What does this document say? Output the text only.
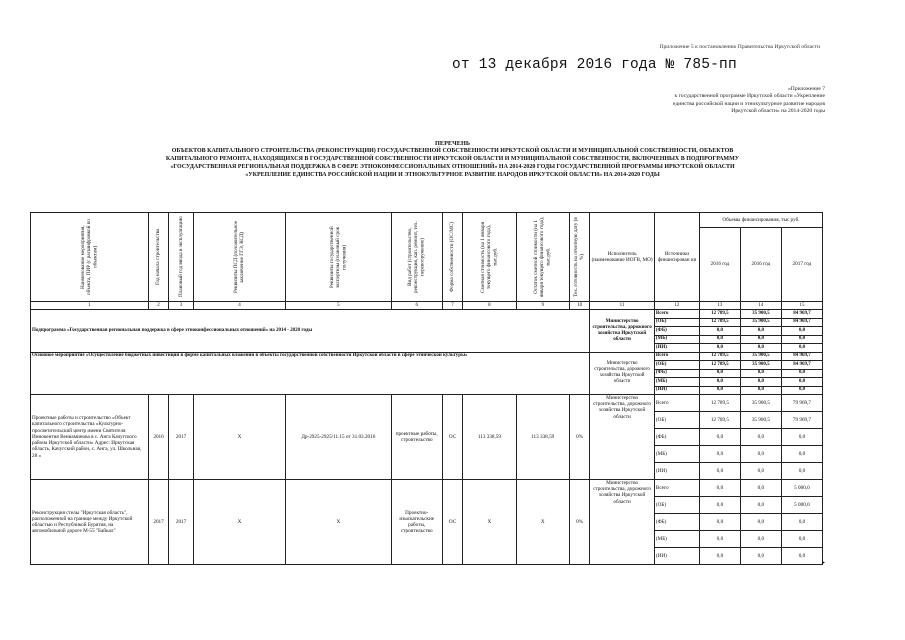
Приложение 5 к постановлению Правительства Иркутской области
от 13 декабря 2016 года № 785-пп
«Приложение 7
к государственной программе Иркутской области «Укрепление
единства российской нации и этнокультурное развитие народов
Иркутской области» на 2014-2020 годы
ПЕРЕЧЕНЬ
ОБЪЕКТОВ КАПИТАЛЬНОГО СТРОИТЕЛЬСТВА (РЕКОНСТРУКЦИИ) ГОСУДАРСТВЕННОЙ СОБСТВЕННОСТИ ИРКУТСКОЙ ОБЛАСТИ И МУНИЦИПАЛЬНОЙ СОБСТВЕННОСТИ, ОБЪЕКТОВ
КАПИТАЛЬНОГО РЕМОНТА, НАХОДЯЩИХСЯ В ГОСУДАРСТВЕННОЙ СОБСТВЕННОСТИ ИРКУТСКОЙ ОБЛАСТИ И МУНИЦИПАЛЬНОЙ СОБСТВЕННОСТИ, ВКЛЮЧЕННЫХ В ПОДПРОГРАММУ
«ГОСУДАРСТВЕННАЯ РЕГИОНАЛЬНАЯ ПОДДЕРЖКА В СФЕРЕ ЭТНОКОНФЕССИОНАЛЬНЫХ ОТНОШЕНИЙ» НА 2014-2020 ГОДЫ ГОСУДАРСТВЕННОЙ ПРОГРАММЫ ИРКУТСКОЙ ОБЛАСТИ
«УКРЕПЛЕНИЕ ЕДИНСТВА РОССИЙСКОЙ НАЦИИ И ЭТНОКУЛЬТУРНОЕ РАЗВИТИЕ НАРОДОВ ИРКУТСКОЙ ОБЛАСТИ» НА 2014-2020 ГОДЫ
Наименование мероприятия, объекта, ПИР (с расшифровкой по объектам)	Год начала строительства	Плановый год ввода в эксплуатацию	Реквизиты ПСД (положительное заключение ГГЭ, КСД)	Реквизиты государственной экспертизы (плановый срок получения)	Вид работ (строительство, реконструкция, кап. ремонт, тех. перевооружение)	Форма собственности (ОС/МС)	Сметная стоимость (на 1 января текущего финансового года), тыс.руб.	Остаток сметной стоимости (на 1 января текущего финансового года), тыс.руб.	Тех. готовность на отчетную дату (в %)	Исполнитель (наименование ИОГВ, МО)	Источники финансирован ия	Объемы финансирования, тыс руб.		
												2016 год	2016 год	2017 год
1	2	3	4	5	6	7	8	9	10	11	12	13	14	15
Подпрограмма «Государственная региональная поддержка в сфере этноконфессиональных отношений» на 2014 - 2020 годы										Министерство строительства, дорожного хозяйства Иркутской области	Всего	12 789,5	35 900,5	84 969,7
											(ОБ)	12 789,5	35 900,5	84 969,7
											(ФБ)	0,0	0,0	0,0
											(МБ)	0,0	0,0	0,0
											(ИИ)	0,0	0,0	0,0
Основное мероприятие «Осуществление бюджетных инвестиций в форме капитальных вложений в объекты государственной собственности Иркутской области в сфере этнической культуры»										Министерство строительства, дорожного хозяйства Иркутской области	Всего	12 789,5	35 900,5	84 969,7
											(ОБ)	12 789,5	35 900,5	84 969,7
											(ФБ)	0,0	0,0	0,0
											(МБ)	0,0	0,0	0,0
											(ИИ)	0,0	0,0	0,0
Проектные работы и строительство «Объект капитального строительства «Культурно-просветительский центр имени Святителя Иннокентия Вениаминова в с. Анга Качугского района Иркутской области» Адрес: Иркутская область, Качугский район, с. Анга, ул. Школьная, 28 »	2016	2017	X	Др-2925-2925/11.15 от 31.03.2016	проектные работы, строительство	ОС	113 338,59	113 338,59	0%	Министерство строительства, дорожного хозяйства Иркутской области	Всего	12 789,5	35 900,5	79 969,7
											(ОБ)	12 789,5	35 900,5	79 969,7
											(ФБ)	0,0	0,0	0,0
											(МБ)	0,0	0,0	0,0
											(ИИ)	0,0	0,0	0,0
Реконструкция стелы "Иркутская область", расположенной на границе между Иркутской областью и Республикой Бурятия, на автомобильной дороге М-55 "Байкал"	2017	2017	X	X	Проектно-изыскательские работы, строительство	ОС	X	X	0%	Министерство строительства, дорожного хозяйства Иркутской области	Всего	0,0	0,0	5 000,0
											(ОБ)	0,0	0,0	5 000,0
											(ФБ)	0,0	0,0	0,0
											(МБ)	0,0	0,0	0,0
											(ИИ)	0,0	0,0	0,0
▸
